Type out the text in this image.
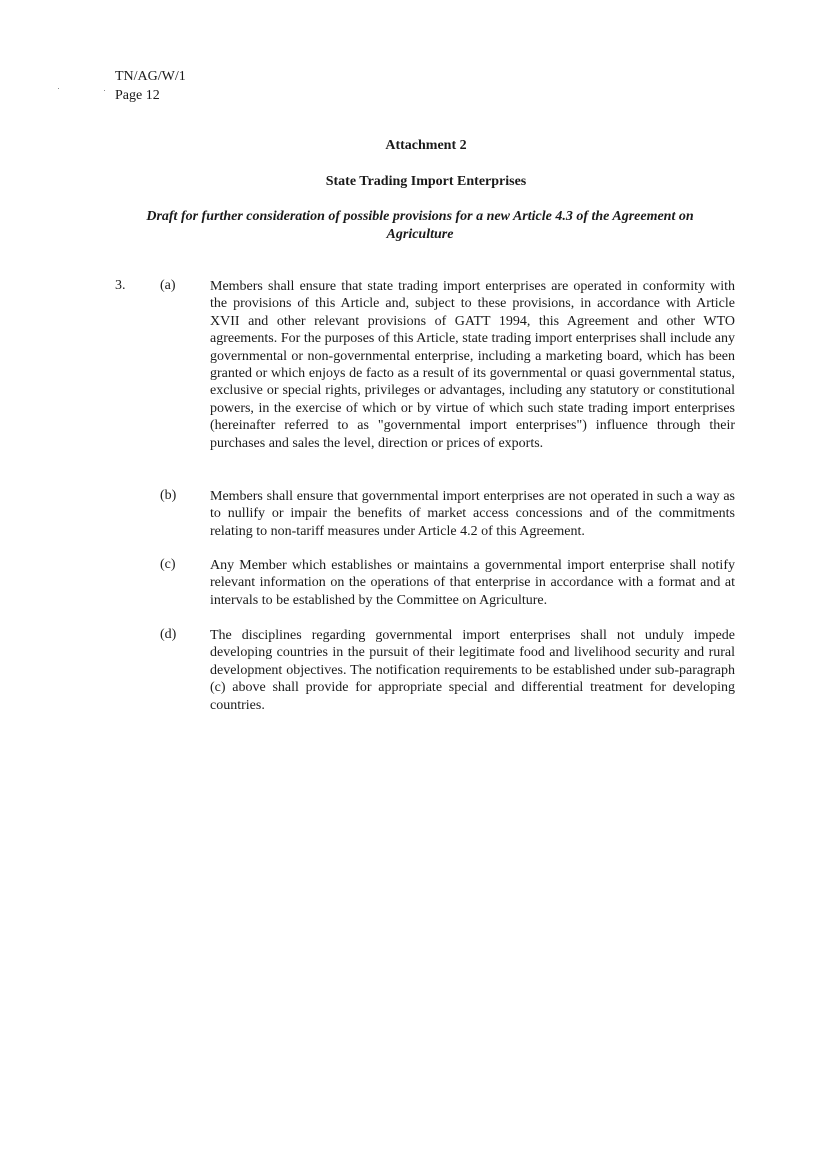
TN/AG/W/1
Page 12
Attachment 2
State Trading Import Enterprises
Draft for further consideration of possible provisions for a new Article 4.3 of the Agreement on Agriculture
3. (a) Members shall ensure that state trading import enterprises are operated in conformity with the provisions of this Article and, subject to these provisions, in accordance with Article XVII and other relevant provisions of GATT 1994, this Agreement and other WTO agreements. For the purposes of this Article, state trading import enterprises shall include any governmental or non-governmental enterprise, including a marketing board, which has been granted or which enjoys de facto as a result of its governmental or quasi governmental status, exclusive or special rights, privileges or advantages, including any statutory or constitutional powers, in the exercise of which or by virtue of which such state trading import enterprises (hereinafter referred to as "governmental import enterprises") influence through their purchases and sales the level, direction or prices of exports.
(b) Members shall ensure that governmental import enterprises are not operated in such a way as to nullify or impair the benefits of market access concessions and of the commitments relating to non-tariff measures under Article 4.2 of this Agreement.
(c) Any Member which establishes or maintains a governmental import enterprise shall notify relevant information on the operations of that enterprise in accordance with a format and at intervals to be established by the Committee on Agriculture.
(d) The disciplines regarding governmental import enterprises shall not unduly impede developing countries in the pursuit of their legitimate food and livelihood security and rural development objectives. The notification requirements to be established under sub-paragraph (c) above shall provide for appropriate special and differential treatment for developing countries.
